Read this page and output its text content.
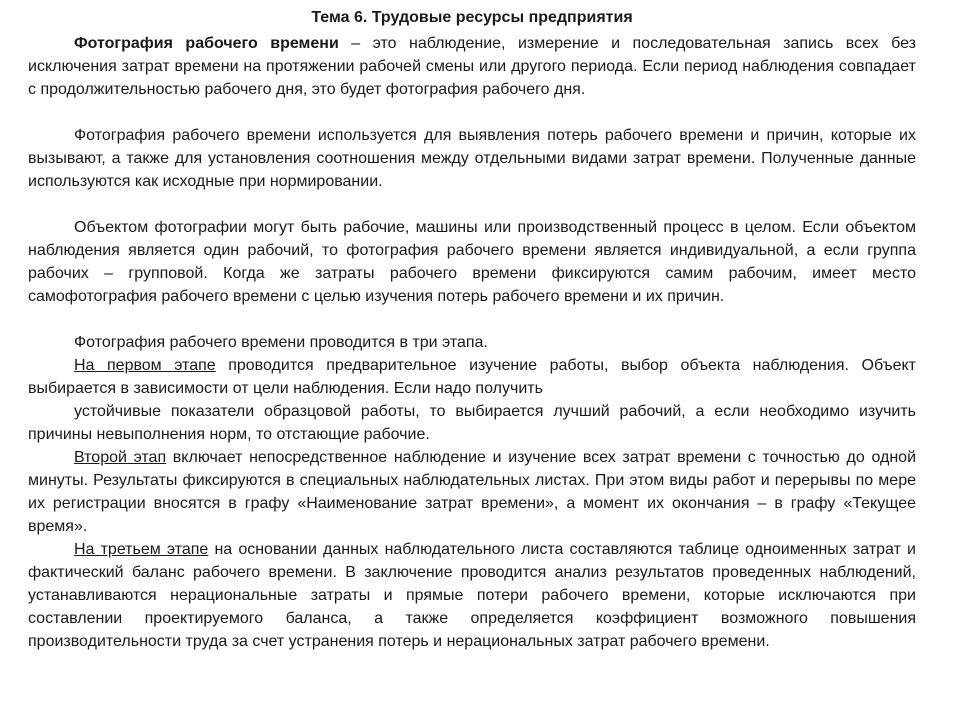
Тема 6. Трудовые ресурсы предприятия

Фотография рабочего времени – это наблюдение, измерение и последовательная запись всех без исключения затрат времени на протяжении рабочей смены или другого периода. Если период наблюдения совпадает с продолжительностью рабочего дня, это будет фотография рабочего дня.

Фотография рабочего времени используется для выявления потерь рабочего времени и причин, которые их вызывают, а также для установления соотношения между отдельными видами затрат времени. Полученные данные используются как исходные при нормировании.

Объектом фотографии могут быть рабочие, машины или производственный процесс в целом. Если объектом наблюдения является один рабочий, то фотография рабочего времени является индивидуальной, а если группа рабочих – групповой. Когда же затраты рабочего времени фиксируются самим рабочим, имеет место самофотография рабочего времени с целью изучения потерь рабочего времени и их причин.

Фотография рабочего времени проводится в три этапа.

На первом этапе проводится предварительное изучение работы, выбор объекта наблюдения. Объект выбирается в зависимости от цели наблюдения. Если надо получить

устойчивые показатели образцовой работы, то выбирается лучший рабочий, а если необходимо изучить причины невыполнения норм, то отстающие рабочие.

Второй этап включает непосредственное наблюдение и изучение всех затрат времени с точностью до одной минуты. Результаты фиксируются в специальных наблюдательных листах. При этом виды работ и перерывы по мере их регистрации вносятся в графу «Наименование затрат времени», а момент их окончания – в графу «Текущее время».

На третьем этапе на основании данных наблюдательного листа составляются таблице одноименных затрат и фактический баланс рабочего времени. В заключение проводится анализ результатов проведенных наблюдений, устанавливаются нерациональные затраты и прямые потери рабочего времени, которые исключаются при составлении проектируемого баланса, а также определяется коэффициент возможного повышения производительности труда за счет устранения потерь и нерациональных затрат рабочего времени.
